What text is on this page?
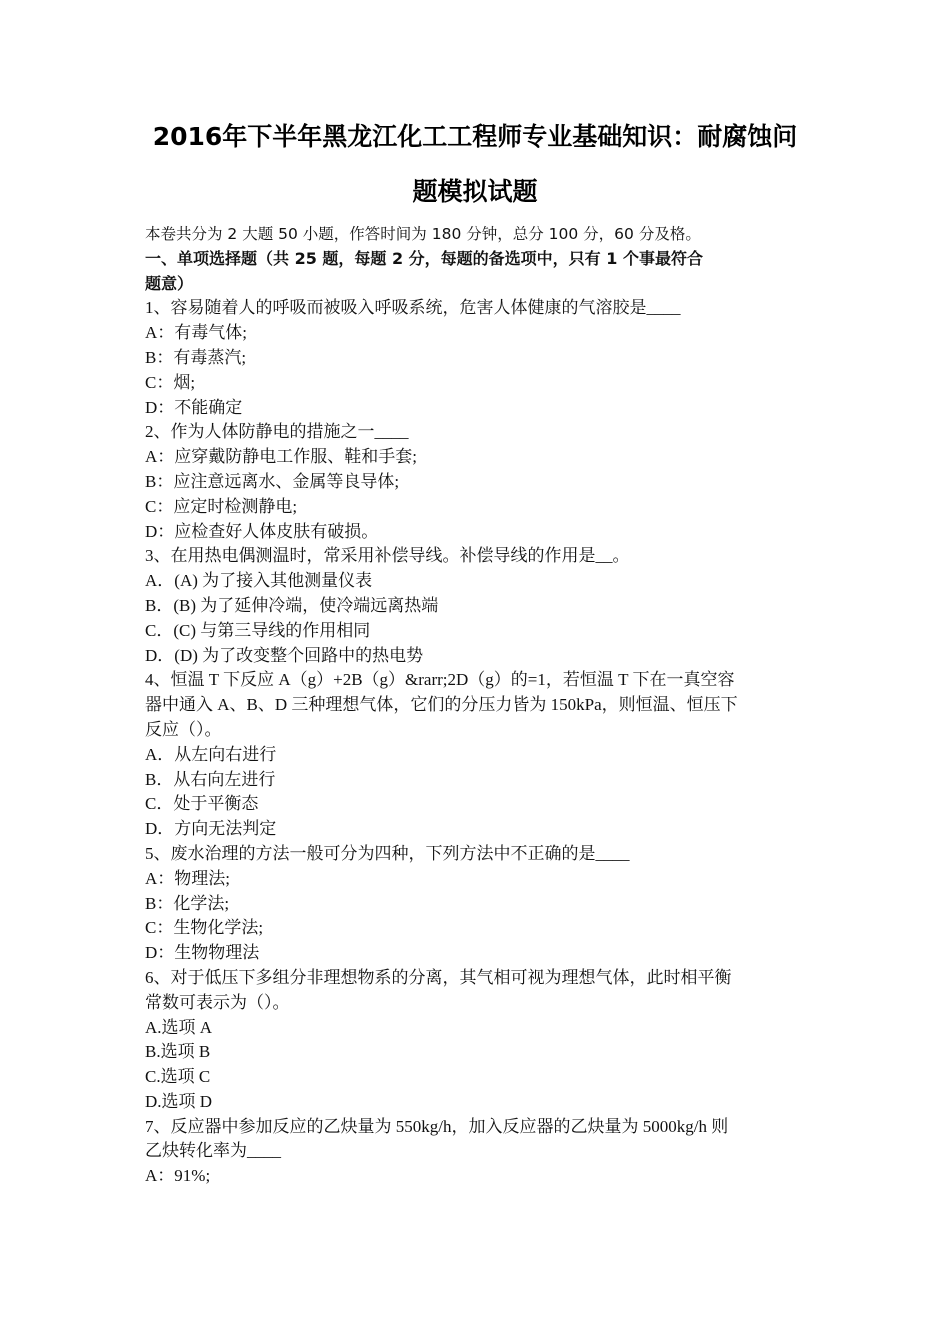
2016年下半年黑龙江化工工程师专业基础知识：耐腐蚀问
题模拟试题
本卷共分为 2 大题 50 小题，作答时间为 180 分钟，总分 100 分，60 分及格。
一、单项选择题（共 25 题，每题 2 分，每题的备选项中，只有 1 个事最符合
题意）
1、容易随着人的呼吸而被吸入呼吸系统，危害人体健康的气溶胶是____
A：有毒气体;
B：有毒蒸汽;
C：烟;
D：不能确定
2、作为人体防静电的措施之一____
A：应穿戴防静电工作服、鞋和手套;
B：应注意远离水、金属等良导体;
C：应定时检测静电;
D：应检查好人体皮肤有破损。
3、在用热电偶测温时，常采用补偿导线。补偿导线的作用是__。
A．(A) 为了接入其他测量仪表
B．(B) 为了延伸冷端，使冷端远离热端
C．(C) 与第三导线的作用相同
D．(D) 为了改变整个回路中的热电势
4、恒温 T 下反应 A（g）+2B（g）&rarr;2D（g）的=1，若恒温 T 下在一真空容
器中通入 A、B、D 三种理想气体，它们的分压力皆为 150kPa，则恒温、恒压下
反应（）。
A．从左向右进行
B．从右向左进行
C．处于平衡态
D．方向无法判定
5、废水治理的方法一般可分为四种，下列方法中不正确的是____
A：物理法;
B：化学法;
C：生物化学法;
D：生物物理法
6、对于低压下多组分非理想物系的分离，其气相可视为理想气体，此时相平衡
常数可表示为（）。
A.选项 A
B.选项 B
C.选项 C
D.选项 D
7、反应器中参加反应的乙炔量为 550kg/h，加入反应器的乙炔量为 5000kg/h 则
乙炔转化率为____
A：91%;
